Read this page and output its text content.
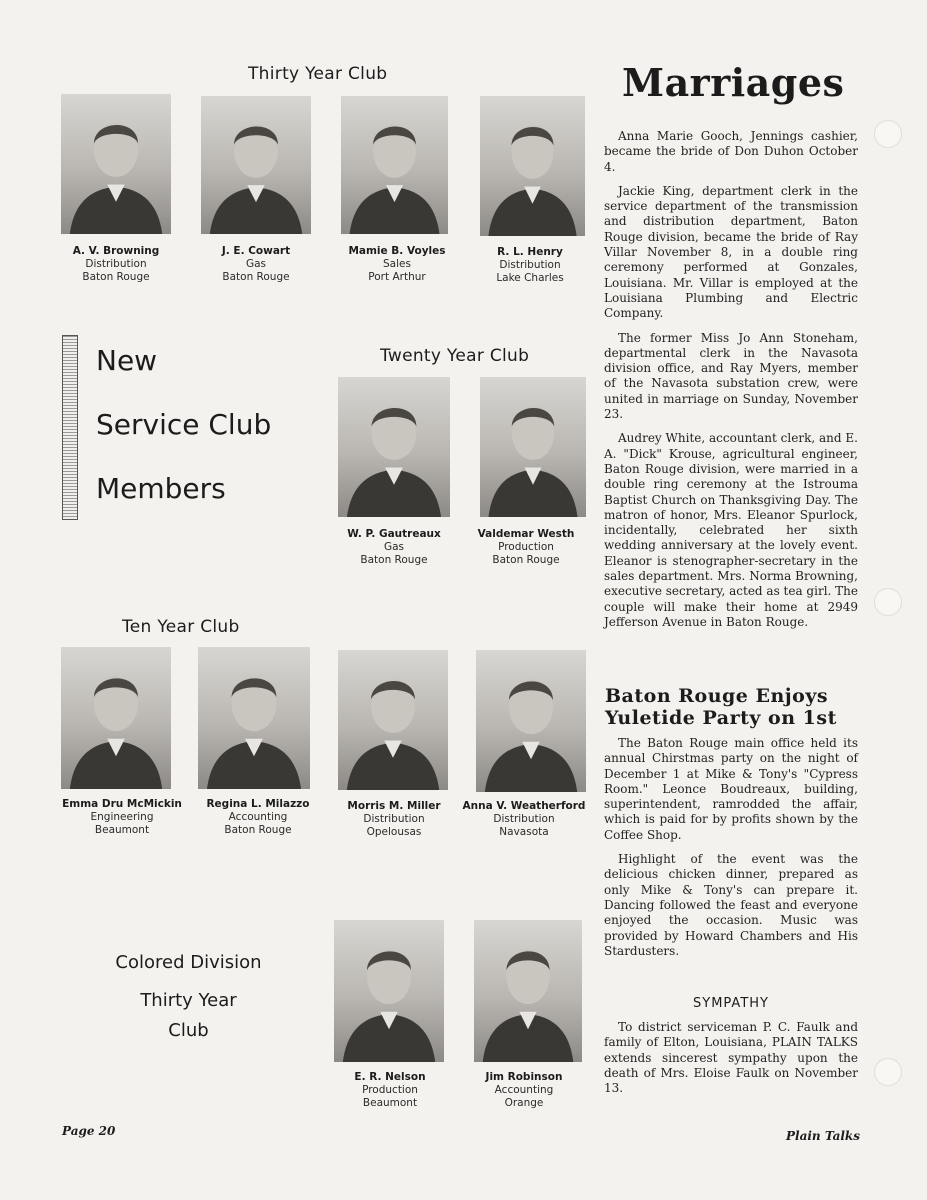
Thirty Year Club
A. V. Browning
Distribution
Baton Rouge
J. E. Cowart
Gas
Baton Rouge
Mamie B. Voyles
Sales
Port Arthur
R. L. Henry
Distribution
Lake Charles
New
Service Club
Members
Twenty Year Club
W. P. Gautreaux
Gas
Baton Rouge
Valdemar Westh
Production
Baton Rouge
Ten Year Club
Emma Dru McMickin
Engineering
Beaumont
Regina L. Milazzo
Accounting
Baton Rouge
Morris M. Miller
Distribution
Opelousas
Anna V. Weatherford
Distribution
Navasota
Colored Division
Thirty Year
Club
E. R. Nelson
Production
Beaumont
Jim Robinson
Accounting
Orange
Marriages

Anna Marie Gooch, Jennings cashier, became the bride of Don Duhon October 4.

Jackie King, department clerk in the service department of the transmission and distribution department, Baton Rouge division, became the bride of Ray Villar November 8, in a double ring ceremony performed at Gonzales, Louisiana. Mr. Villar is employed at the Louisiana Plumbing and Electric Company.

The former Miss Jo Ann Stoneham, departmental clerk in the Navasota division office, and Ray Myers, member of the Navasota substation crew, were united in marriage on Sunday, November 23.

Audrey White, accountant clerk, and E. A. "Dick" Krouse, agricultural engineer, Baton Rouge division, were married in a double ring ceremony at the Istrouma Baptist Church on Thanksgiving Day. The matron of honor, Mrs. Eleanor Spurlock, incidentally, celebrated her sixth wedding anniversary at the lovely event. Eleanor is stenographer-secretary in the sales department. Mrs. Norma Browning, executive secretary, acted as tea girl. The couple will make their home at 2949 Jefferson Avenue in Baton Rouge.

Baton Rouge Enjoys Yuletide Party on 1st

The Baton Rouge main office held its annual Chirstmas party on the night of December 1 at Mike & Tony's "Cypress Room." Leonce Boudreaux, building, superintendent, ramrodded the affair, which is paid for by profits shown by the Coffee Shop.

Highlight of the event was the delicious chicken dinner, prepared as only Mike & Tony's can prepare it. Dancing followed the feast and everyone enjoyed the occasion. Music was provided by Howard Chambers and His Stardusters.

SYMPATHY

To district serviceman P. C. Faulk and family of Elton, Louisiana, PLAIN TALKS extends sincerest sympathy upon the death of Mrs. Eloise Faulk on November 13.

Page 20	Plain Talks
